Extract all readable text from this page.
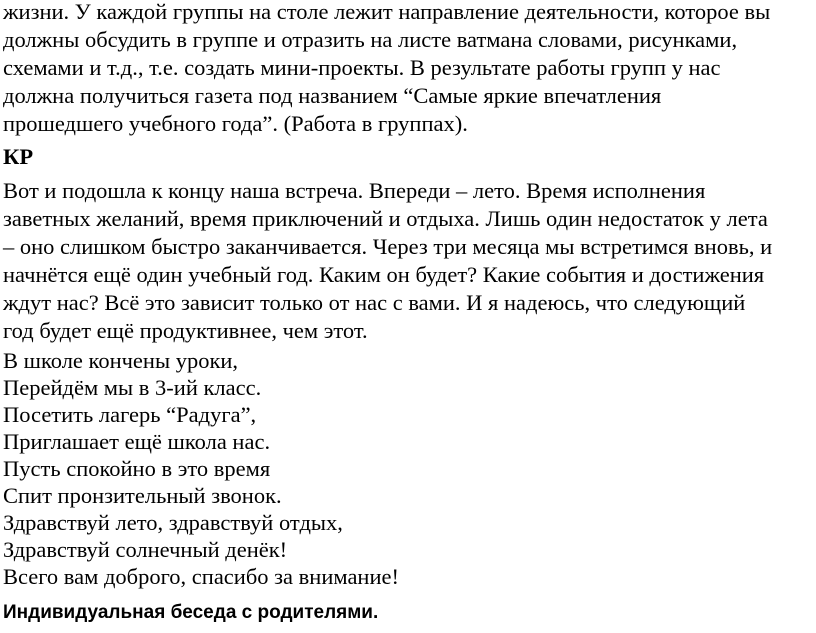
жизни. У каждой группы на столе лежит направление деятельности, которое вы
должны обсудить в группе и отразить на листе ватмана словами, рисунками,
схемами и т.д., т.е. создать мини-проекты. В результате работы групп у нас
должна получиться газета под названием “Самые яркие впечатления
прошедшего учебного года”. (Работа в группах).
КР
Вот и подошла к концу наша встреча. Впереди – лето. Время исполнения
заветных желаний, время приключений и отдыха. Лишь один недостаток у лета
– оно слишком быстро заканчивается. Через три месяца мы встретимся вновь, и
начнётся ещё один учебный год. Каким он будет? Какие события и достижения
ждут нас? Всё это зависит только от нас с вами. И я надеюсь, что следующий
год будет ещё продуктивнее, чем этот.
В школе кончены уроки,
Перейдём мы в 3-ий класс.
Посетить лагерь “Радуга”,
Приглашает ещё школа нас.
Пусть спокойно в это время
Спит пронзительный звонок.
Здравствуй лето, здравствуй отдых,
Здравствуй солнечный денёк!
Всего вам доброго, спасибо за внимание!
Индивидуальная беседа с родителями.
